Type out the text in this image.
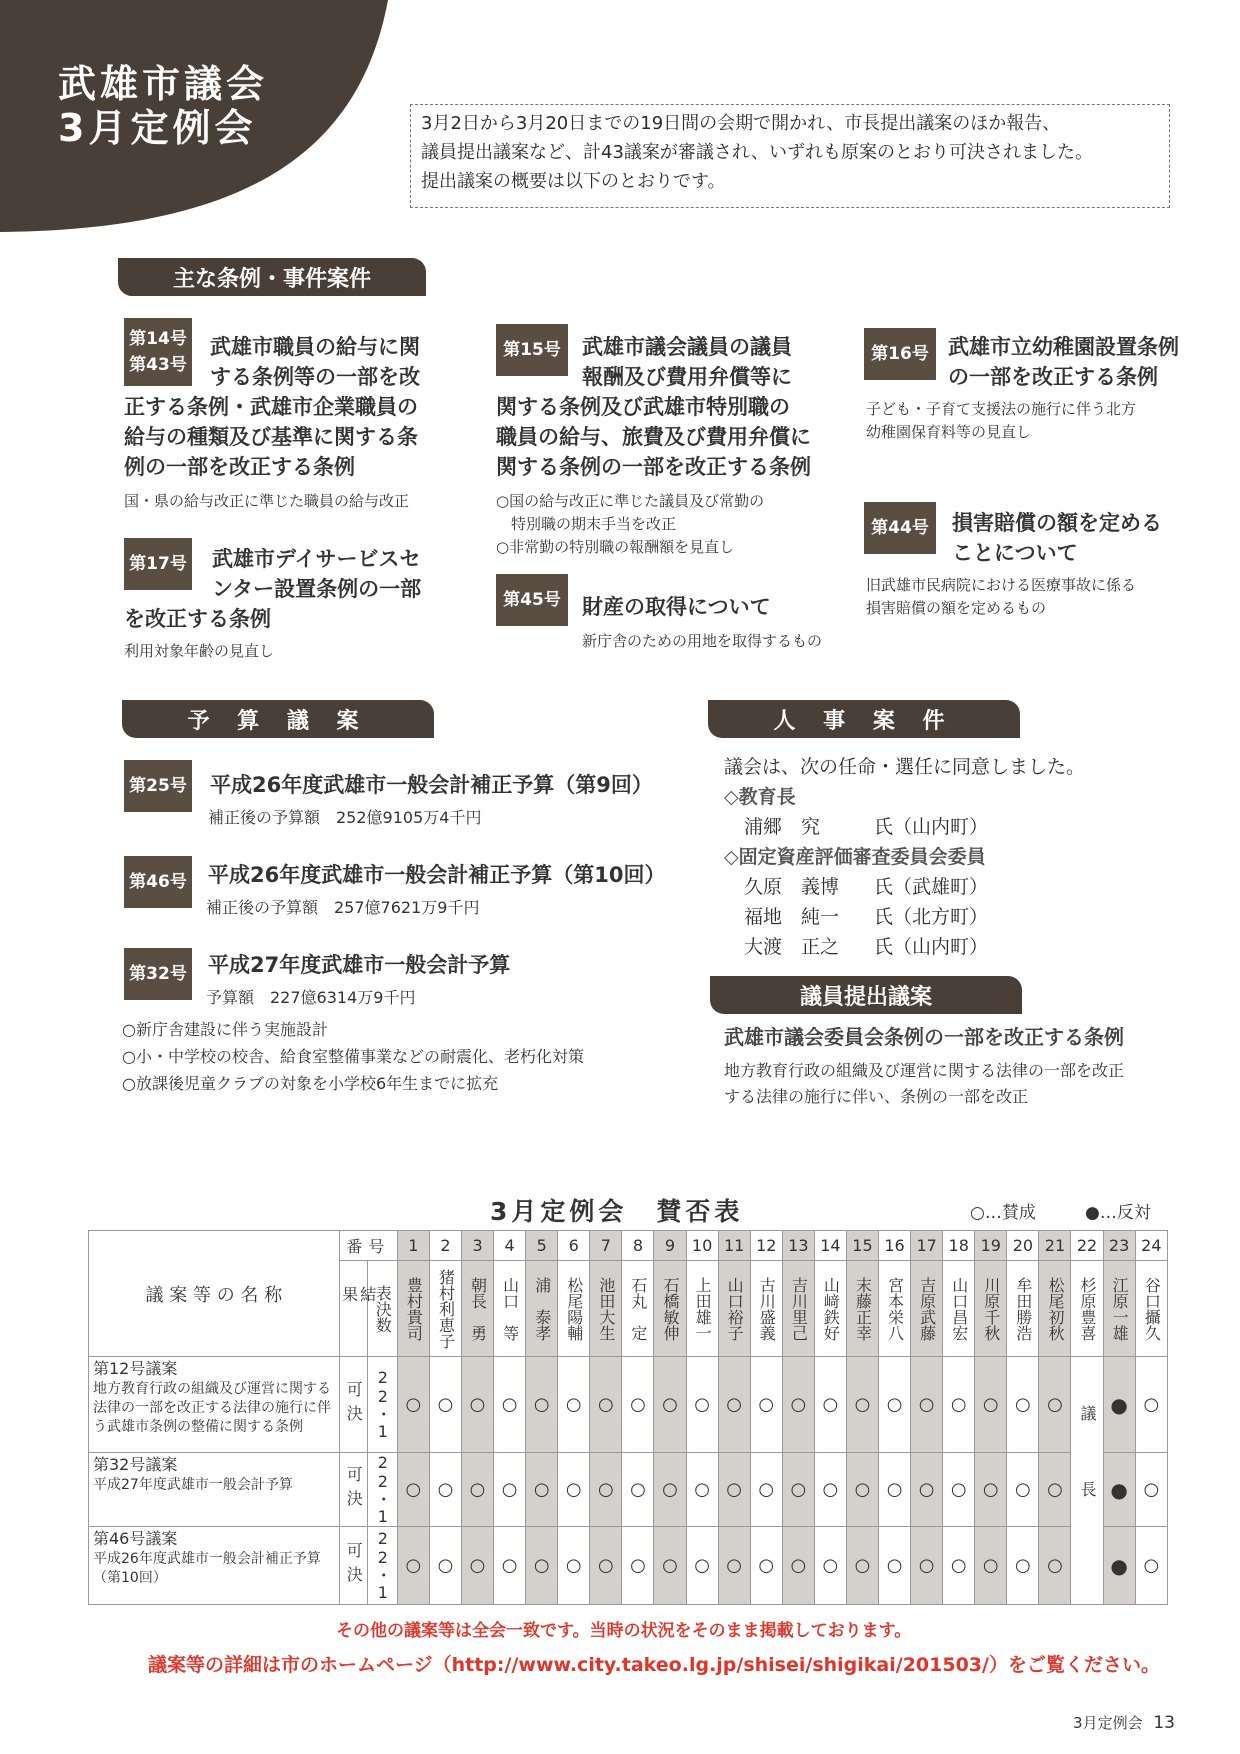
武雄市議会
3月定例会	3月2日から3月20日までの19日間の会期で開かれ、市長提出議案のほか報告、
議員提出議案など、計43議案が審議され、いずれも原案のとおり可決されました。
提出議案の概要は以下のとおりです。
主な条例・事件案件
第14号
第43号
武雄市職員の給与に関
する条例等の一部を改
正する条例・武雄市企業職員の
給与の種類及び基準に関する条
例の一部を改正する条例
国・県の給与改正に準じた職員の給与改正
第17号 武雄市デイサービスセ
ンター設置条例の一部
を改正する条例
利用対象年齢の見直し
第15号 武雄市議会議員の議員
報酬及び費用弁償等に
関する条例及び武雄市特別職の
職員の給与、旅費及び費用弁償に
関する条例の一部を改正する条例
○国の給与改正に準じた議員及び常勤の
　特別職の期末手当を改正
○非常勤の特別職の報酬額を見直し
第45号 財産の取得について
新庁舎のための用地を取得するもの
第16号 武雄市立幼稚園設置条例
の一部を改正する条例
子ども・子育て支援法の施行に伴う北方
幼稚園保育料等の見直し
第44号 損害賠償の額を定める
ことについて
旧武雄市民病院における医療事故に係る
損害賠償の額を定めるもの
予 算 議 案
第25号 平成26年度武雄市一般会計補正予算（第9回）
補正後の予算額　252億9105万4千円
第46号 平成26年度武雄市一般会計補正予算（第10回）
補正後の予算額　257億7621万9千円
第32号 平成27年度武雄市一般会計予算
予算額　227億6314万9千円
○新庁舎建設に伴う実施設計
○小・中学校の校舎、給食室整備事業などの耐震化、老朽化対策
○放課後児童クラブの対象を小学校6年生までに拡充
人 事 案 件
議会は、次の任命・選任に同意しました。
◇教育長
浦郷　究	氏（山内町）
◇固定資産評価審査委員会委員
久原　義博 氏（武雄町）
福地　純一 氏（北方町）
大渡　正之 氏（山内町）
議員提出議案
武雄市議会委員会条例の一部を改正する条例
地方教育行政の組織及び運営に関する法律の一部を改正
する法律の施行に伴い、条例の一部を改正
3月定例会　賛否表	○…賛成	●…反対
議 案 等 の 名 称	番号		1	2	3	4	5	6	7	8	9	10	11	12	13	14	15	16	17	18	19	20	21	22	23	24

	結果	表決数	豊村貴司	猪村利恵子	朝長　勇	山口　等	浦　泰孝	松尾陽輔	池田大生	石丸　定	石橋敏伸	上田雄一	山口裕子	古川盛義	吉川里己	山﨑鉄好	末藤正幸	宮本栄八	吉原武藤	山口昌宏	川原千秋	牟田勝浩	松尾初秋	杉原豊喜	江原一雄	谷口攝久

第12号議案
地方教育行政の組織及び運営に関する法律の一部を改正する法律の施行に伴う武雄市条例の整備に関する条例	可決	22・1	○	○	○	○	○	○	○	○	○	○	○	○	○	○	○	○	○	○	○	○	○	議長	●	○

第32号議案
平成27年度武雄市一般会計予算	可決	22・1	○	○	○	○	○	○	○	○	○	○	○	○	○	○	○	○	○	○	○	○	○		●	○

第46号議案
平成26年度武雄市一般会計補正予算（第10回）	可決	22・1	○	○	○	○	○	○	○	○	○	○	○	○	○	○	○	○	○	○	○	○	○		●	○
その他の議案等は全会一致です。当時の状況をそのまま掲載しております。
議案等の詳細は市のホームページ（http://www.city.takeo.lg.jp/shisei/shigikai/201503/）をご覧ください。
3月定例会 13
